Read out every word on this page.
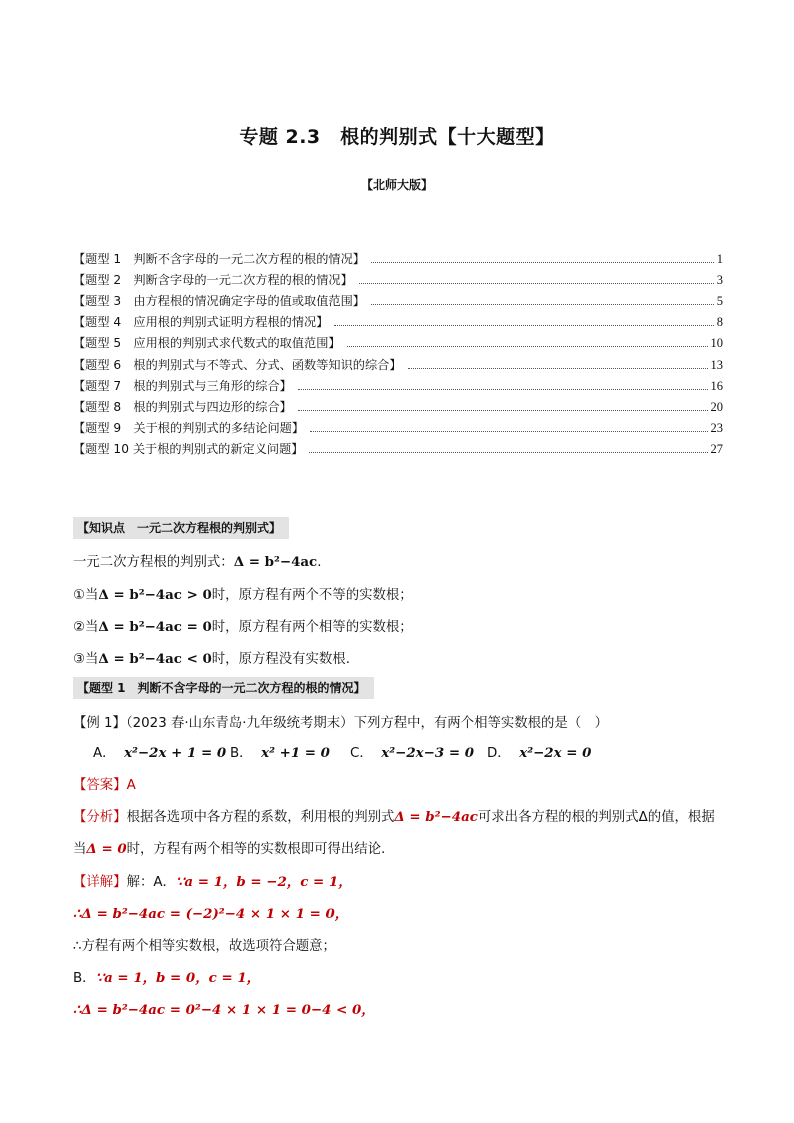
专题 2.3　根的判别式【十大题型】
【北师大版】
【题型 1　判断不含字母的一元二次方程的根的情况】	1
【题型 2　判断含字母的一元二次方程的根的情况】	3
【题型 3　由方程根的情况确定字母的值或取值范围】	5
【题型 4　应用根的判别式证明方程根的情况】	8
【题型 5　应用根的判别式求代数式的取值范围】	10
【题型 6　根的判别式与不等式、分式、函数等知识的综合】	13
【题型 7　根的判别式与三角形的综合】	16
【题型 8　根的判别式与四边形的综合】	20
【题型 9　关于根的判别式的多结论问题】	23
【题型 10 关于根的判别式的新定义问题】	27
【知识点　一元二次方程根的判别式】
一元二次方程根的判别式：Δ = b²−4ac.
①当Δ = b²−4ac > 0时，原方程有两个不等的实数根；
②当Δ = b²−4ac = 0时，原方程有两个相等的实数根；
③当Δ = b²−4ac < 0时，原方程没有实数根.
【题型 1　判断不含字母的一元二次方程的根的情况】
【例 1】（2023 春·山东青岛·九年级统考期末）下列方程中，有两个相等实数根的是（　）
A． x²−2x + 1 = 0 B． x² +1 = 0 C． x²−2x−3 = 0 D． x²−2x = 0
【答案】A
【分析】根据各选项中各方程的系数，利用根的判别式Δ = b²−4ac可求出各方程的根的判别式Δ的值，根据
当Δ = 0时，方程有两个相等的实数根即可得出结论．
【详解】解：A．∵a = 1，b = −2，c = 1，
∴Δ = b²−4ac = (−2)²−4 × 1 × 1 = 0，
∴方程有两个相等实数根，故选项符合题意；
B．∵a = 1，b = 0，c = 1，
∴Δ = b²−4ac = 0²−4 × 1 × 1 = 0−4 < 0，
